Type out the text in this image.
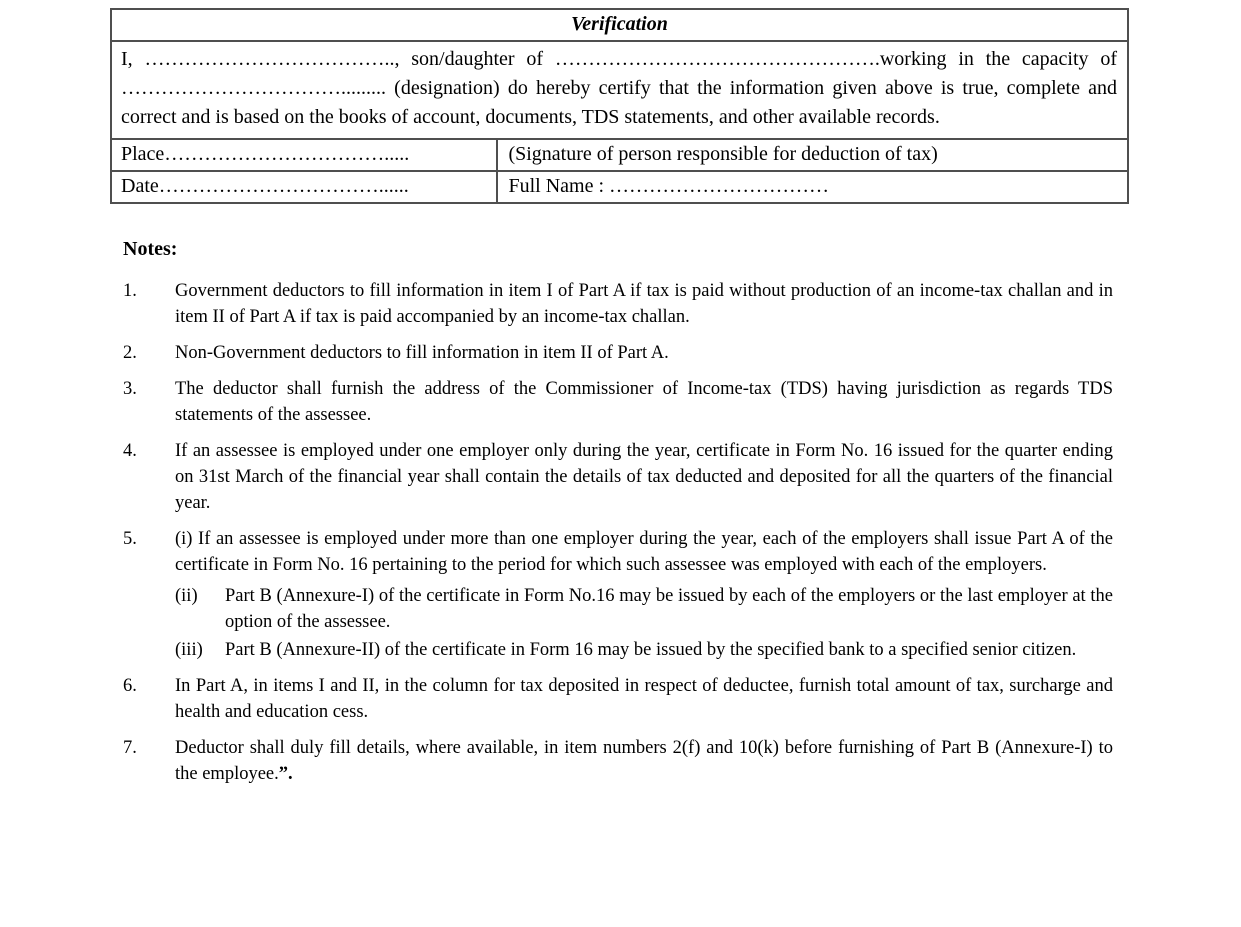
Verification	
I, ……………………………….., son/daughter of ………………………………………….working in the capacity of ……………………………......... (designation) do hereby certify that the information given above is true, complete and correct and is based on the books of account, documents, TDS statements, and other available records.	
Place…………………………….....	(Signature of person responsible for deduction of tax)
Date……………………………......	Full Name : ……………………………
Notes:
1.	Government deductors to fill information in item I of Part A if tax is paid without production of an income-tax challan and in item II of Part A if tax is paid accompanied by an income-tax challan.
2.	Non-Government deductors to fill information in item II of Part A.
3.	The deductor shall furnish the address of the Commissioner of Income-tax (TDS) having jurisdiction as regards TDS statements of the assessee.
4.	If an assessee is employed under one employer only during the year, certificate in Form No. 16 issued for the quarter ending on 31st March of the financial year shall contain the details of tax deducted and deposited for all the quarters of the financial year.
5.	(i) If an assessee is employed under more than one employer during the year, each of the employers shall issue Part A of the certificate in Form No. 16 pertaining to the period for which such assessee was employed with each of the employers.
(ii)	Part B (Annexure-I) of the certificate in Form No.16 may be issued by each of the employers or the last employer at the option of the assessee.
(iii)	Part B (Annexure-II) of the certificate in Form 16 may be issued by the specified bank to a specified senior citizen.
6.	In Part A, in items I and II, in the column for tax deposited in respect of deductee, furnish total amount of tax, surcharge and health and education cess.
7.	Deductor shall duly fill details, where available, in item numbers 2(f) and 10(k) before furnishing of Part B (Annexure-I) to the employee.”.
